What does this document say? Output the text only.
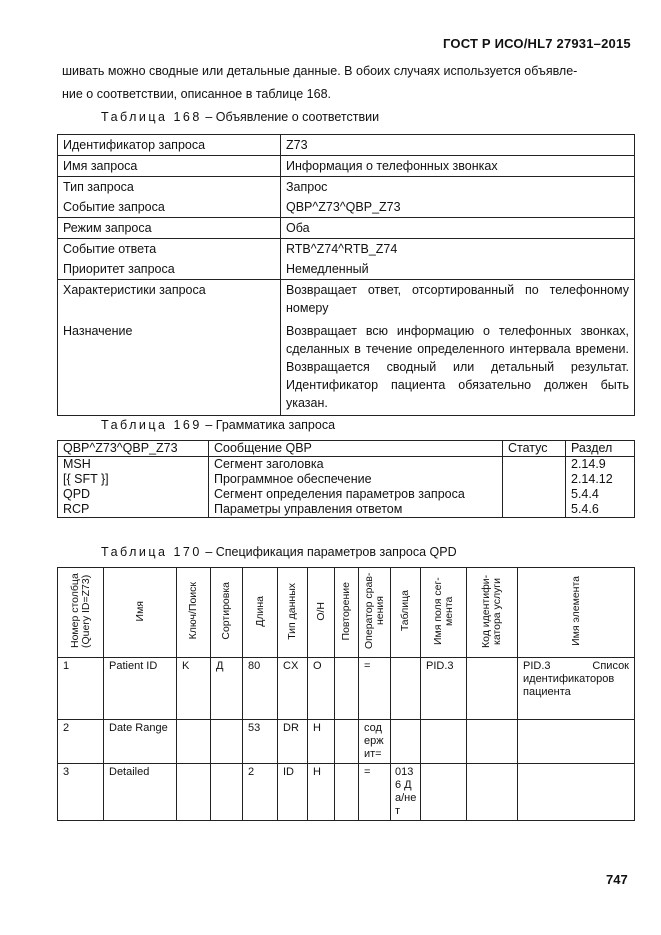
ГОСТ Р ИСО/HL7 27931–2015
шивать можно сводные или детальные данные. В обоих случаях используется объявле-
ние о соответствии, описанное в таблице 168.
Таблица 168 – Объявление о соответствии
Идентификатор запроса	Z73
Имя запроса	Информация о телефонных звонках
Тип запроса	Запрос
Событие запроса	QBP^Z73^QBP_Z73
Режим запроса	Оба
Событие ответа	RTB^Z74^RTB_Z74
Приоритет запроса	Немедленный
Характеристики запроса	Возвращает ответ, отсортированный по телефонному номеру
Назначение	Возвращает всю информацию о телефонных звонках, сделанных в течение определенного интервала времени. Возвращается сводный или детальный результат. Идентификатор пациента обязательно должен быть указан.
Таблица 169 – Грамматика запроса
QBP^Z73^QBP_Z73	Сообщение QBP	Статус	Раздел
MSH	Сегмент заголовка		2.14.9
[{ SFT }]	Программное обеспечение		2.14.12
QPD	Сегмент определения параметров запроса		5.4.4
RCP	Параметры управления ответом		5.4.6
Таблица 170 – Спецификация параметров запроса QPD
Номер столбца (Query ID=Z73)	Имя	Ключ/Поиск	Сортировка	Длина	Тип данных	О/Н	Повторение	Оператор срав-нения	Таблица	Имя поля сег-мента	Код идентифи-катора услуги	Имя элемента
1	Patient ID	K	Д	80	CX	O		=		PID.3		PID.3 Список идентификаторов пациента
2	Date Range			53	DR	H		содержит=				
3	Detailed			2	ID	H		=	0136 Да/нет			
747
